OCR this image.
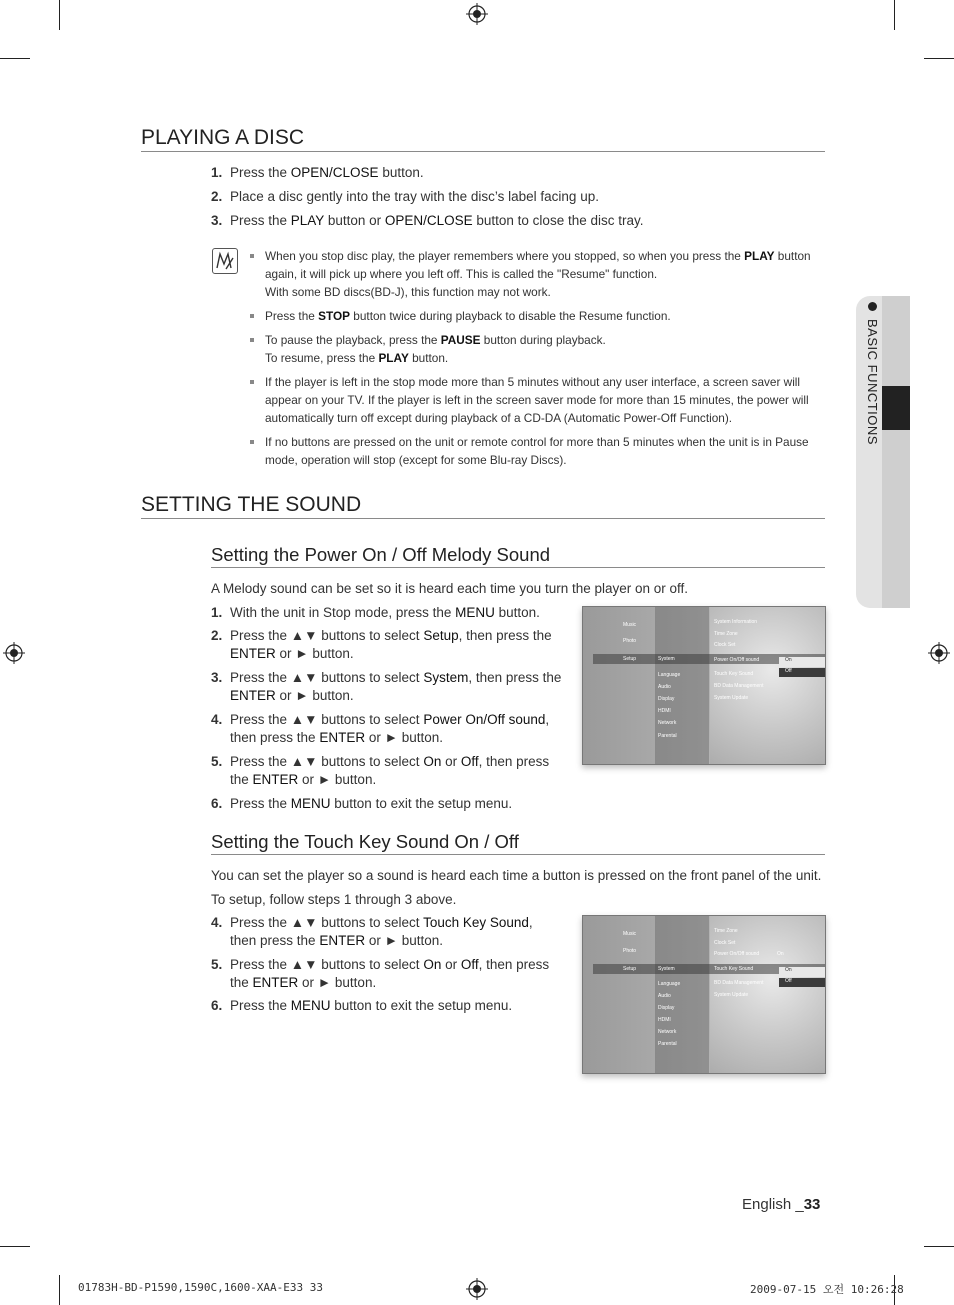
PLAYING A DISC
1. Press the OPEN/CLOSE button.
2. Place a disc gently into the tray with the disc’s label facing up.
3. Press the PLAY button or OPEN/CLOSE button to close the disc tray.
When you stop disc play, the player remembers where you stopped, so when you press the PLAY button
again, it will pick up where you left off. This is called the "Resume" function.
With some BD discs(BD-J), this function may not work.
Press the STOP button twice during playback to disable the Resume function.
To pause the playback, press the PAUSE button during playback.
To resume, press the PLAY button.
If the player is left in the stop mode more than 5 minutes without any user interface, a screen saver will
appear on your TV. If the player is left in the screen saver mode for more than 15 minutes, the power will
automatically turn off except during playback of a CD-DA (Automatic Power-Off Function).
If no buttons are pressed on the unit or remote control for more than 5 minutes when the unit is in Pause
mode, operation will stop (except for some Blu-ray Discs).
SETTING THE SOUND
Setting the Power On / Off Melody Sound
A Melody sound can be set so it is heard each time you turn the player on or off.
1. With the unit in Stop mode, press the MENU button.
2. Press the ▲▼ buttons to select Setup, then press the
ENTER or ► button.
3. Press the ▲▼ buttons to select System, then press the
ENTER or ► button.
4. Press the ▲▼ buttons to select Power On/Off sound,
then press the ENTER or ► button.
5. Press the ▲▼ buttons to select On or Off, then press
the ENTER or ► button.
6. Press the MENU button to exit the setup menu.
Music
Photo
Setup	System
Language
Audio
Display
HDMI
Network
Parental
System Information
Time Zone
Clock Set
Power On/Off sound
Touch Key Sound
BD Data Management
System Update
On
Off
Setting the Touch Key Sound On / Off
You can set the player so a sound is heard each time a button is pressed on the front panel of the unit.
To setup, follow steps 1 through 3 above.
4. Press the ▲▼ buttons to select Touch Key Sound,
then press the ENTER or ► button.
5. Press the ▲▼ buttons to select On or Off, then press
the ENTER or ► button.
6. Press the MENU button to exit the setup menu.
Music
Photo
Setup	System
Language
Audio
Display
HDMI
Network
Parental
Time Zone
Clock Set
Power On/Off sound	On
Touch Key Sound
BD Data Management
System Update
On
Off
BASIC FUNCTIONS
English _33
01783H-BD-P1590,1590C,1600-XAA-E33 33	2009-07-15 오전 10:26:28
